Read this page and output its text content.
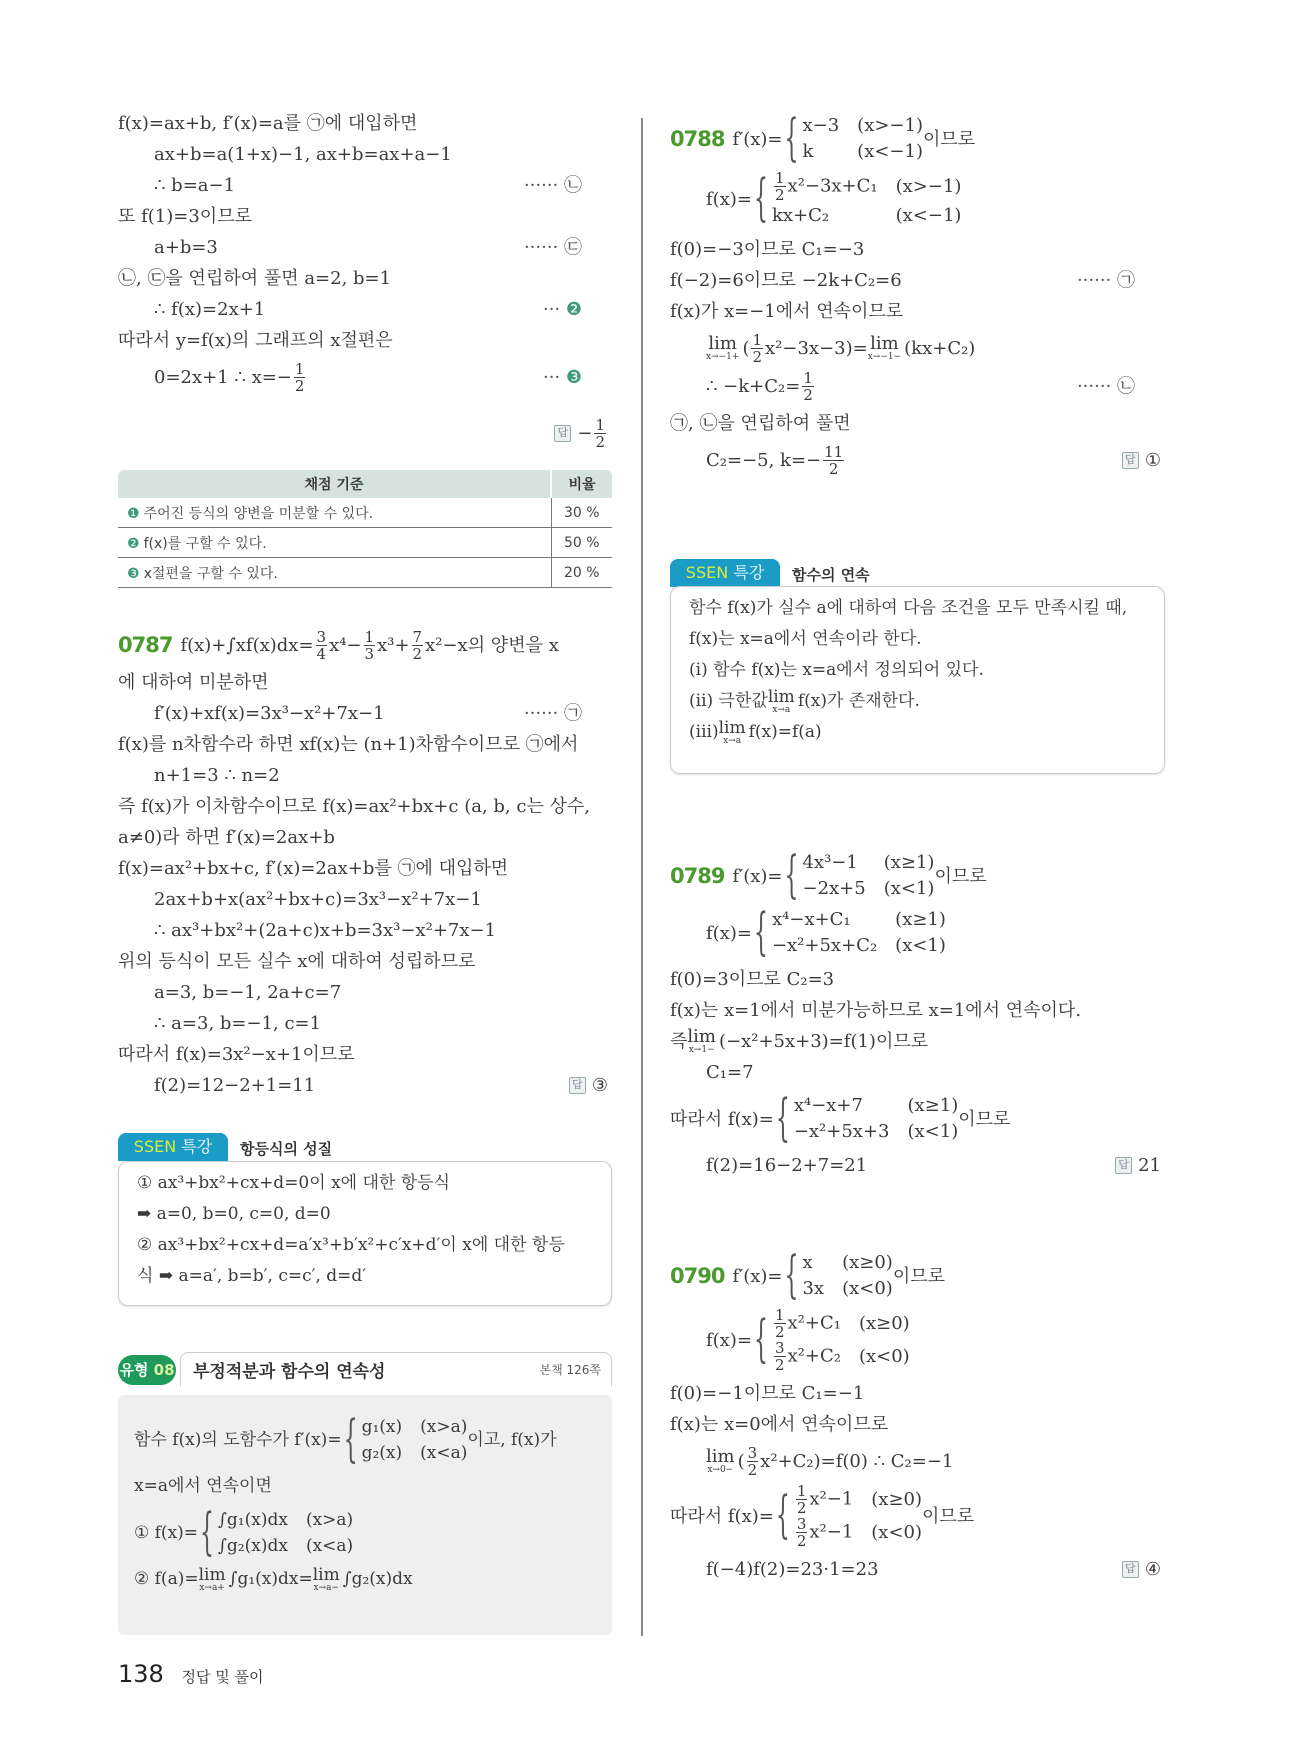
f(x)=ax+b, f′(x)=a를 ㉠에 대입하면
ax+b=a(1+x)−1, ax+b=ax+a−1
∴ b=a−1	······ ㉡
또 f(1)=3이므로
a+b=3	······ ㉢
㉡, ㉢을 연립하여 풀면 a=2, b=1
∴ f(x)=2x+1	··· ❷
따라서 y=f(x)의 그래프의 x절편은
0=2x+1 ∴ $x=- \frac{1}{2}$	··· ❸
답 − $\frac{1}{2}$
채점 기준	비율
❶ 주어진 등식의 양변을 미분할 수 있다.	30 %
❷ f(x)를 구할 수 있다.	50 %
❸ x절편을 구할 수 있다.	20 %
0787 $f(x)+\int xf(x)dx= \frac{3}{4} x^4- \frac{1}{3} x^3+ \frac{7}{2} x^2-x$의 양변을 x
에 대하여 미분하면
f′(x)+xf(x)=3x³−x²+7x−1	······ ㉠
f(x)를 n차함수라 하면 xf(x)는 (n+1)차함수이므로 ㉠에서
n+1=3 ∴ n=2
즉 f(x)가 이차함수이므로 f(x)=ax²+bx+c (a, b, c는 상수,
a≠0)라 하면 f′(x)=2ax+b
f(x)=ax²+bx+c, f′(x)=2ax+b를 ㉠에 대입하면
2ax+b+x(ax²+bx+c)=3x³−x²+7x−1
∴ ax³+bx²+(2a+c)x+b=3x³−x²+7x−1
위의 등식이 모든 실수 x에 대하여 성립하므로
a=3, b=−1, 2a+c=7
∴ a=3, b=−1, c=1
따라서 f(x)=3x²−x+1이므로
f(2)=12−2+1=11	답 ③
SSEN 특강	항등식의 성질
① ax³+bx²+cx+d=0이 x에 대한 항등식
➡ a=0, b=0, c=0, d=0
② ax³+bx²+cx+d=a′x³+b′x²+c′x+d′이 x에 대한 항등
식 ➡ a=a′, b=b′, c=c′, d=d′
유형 08 부정적분과 함수의 연속성	본책 126쪽
함수 f(x)의 도함수가 f′(x)= { g₁(x) (x>a)
g₂(x) (x<a)
이고, f(x)가
x=a에서 연속이면
① f(x)= { ∫g₁(x)dx (x>a)
∫g₂(x)dx (x<a)
② f(a)= lim
x→a+ ∫g₁(x)dx= lim
x→a− ∫g₂(x)dx
0788 f′(x)= { x−3 (x>−1)
k (x<−1)
이므로
f(x)= { $\frac{1}{2} x^2-3x+C_1$ (x>−1)
kx+C₂	(x<−1)
f(0)=−3이므로 C₁=−3
f(−2)=6이므로 −2k+C₂=6	······ ㉠
f(x)가 x=−1에서 연속이므로
lim
x→−1+ ( $\frac{1}{2} x^2-3x-3)= \lim$
x→−1− (kx+C₂)
∴ $-k+C_2= \frac{1}{2}$	······ ㉡
㉠, ㉡을 연립하여 풀면
C₂=−5, $k=- \frac{11}{2}$	답 ①
SSEN 특강	함수의 연속
함수 f(x)가 실수 a에 대하여 다음 조건을 모두 만족시킬 때,
f(x)는 x=a에서 연속이라 한다.
(i) 함수 f(x)는 x=a에서 정의되어 있다.
(ii) 극한값 lim
x→a f(x)가 존재한다.
(iii) lim
x→a f(x)=f(a)
0789 f′(x)= { 4x³−1 (x≥1)
−2x+5 (x<1)
이므로
f(x)= { x⁴−x+C₁ (x≥1)
−x²+5x+C₂ (x<1)
f(0)=3이므로 C₂=3
f(x)는 x=1에서 미분가능하므로 x=1에서 연속이다.
즉 lim
x→1− (−x²+5x+3)=f(1)이므로
C₁=7
따라서 f(x)= { x⁴−x+7 (x≥1)
−x²+5x+3 (x<1)
이므로
f(2)=16−2+7=21	답 21
0790 f′(x)= { x (x≥0)
3x (x<0)
이므로
f(x)= { $\frac{1}{2} x^2+C_1$ (x≥0)
$\frac{3}{2} x^2+C_2$ (x<0)
f(0)=−1이므로 C₁=−1
f(x)는 x=0에서 연속이므로
lim
x→0− ( $\frac{3}{2} x^2+C_2)=f(0)$ ∴ C₂=−1
따라서 f(x)= { $\frac{1}{2} x^2-1$ (x≥0)
$\frac{3}{2} x^2-1$ (x<0)
이므로
f(−4)f(2)=23·1=23	답 ④
138 정답 및 풀이
